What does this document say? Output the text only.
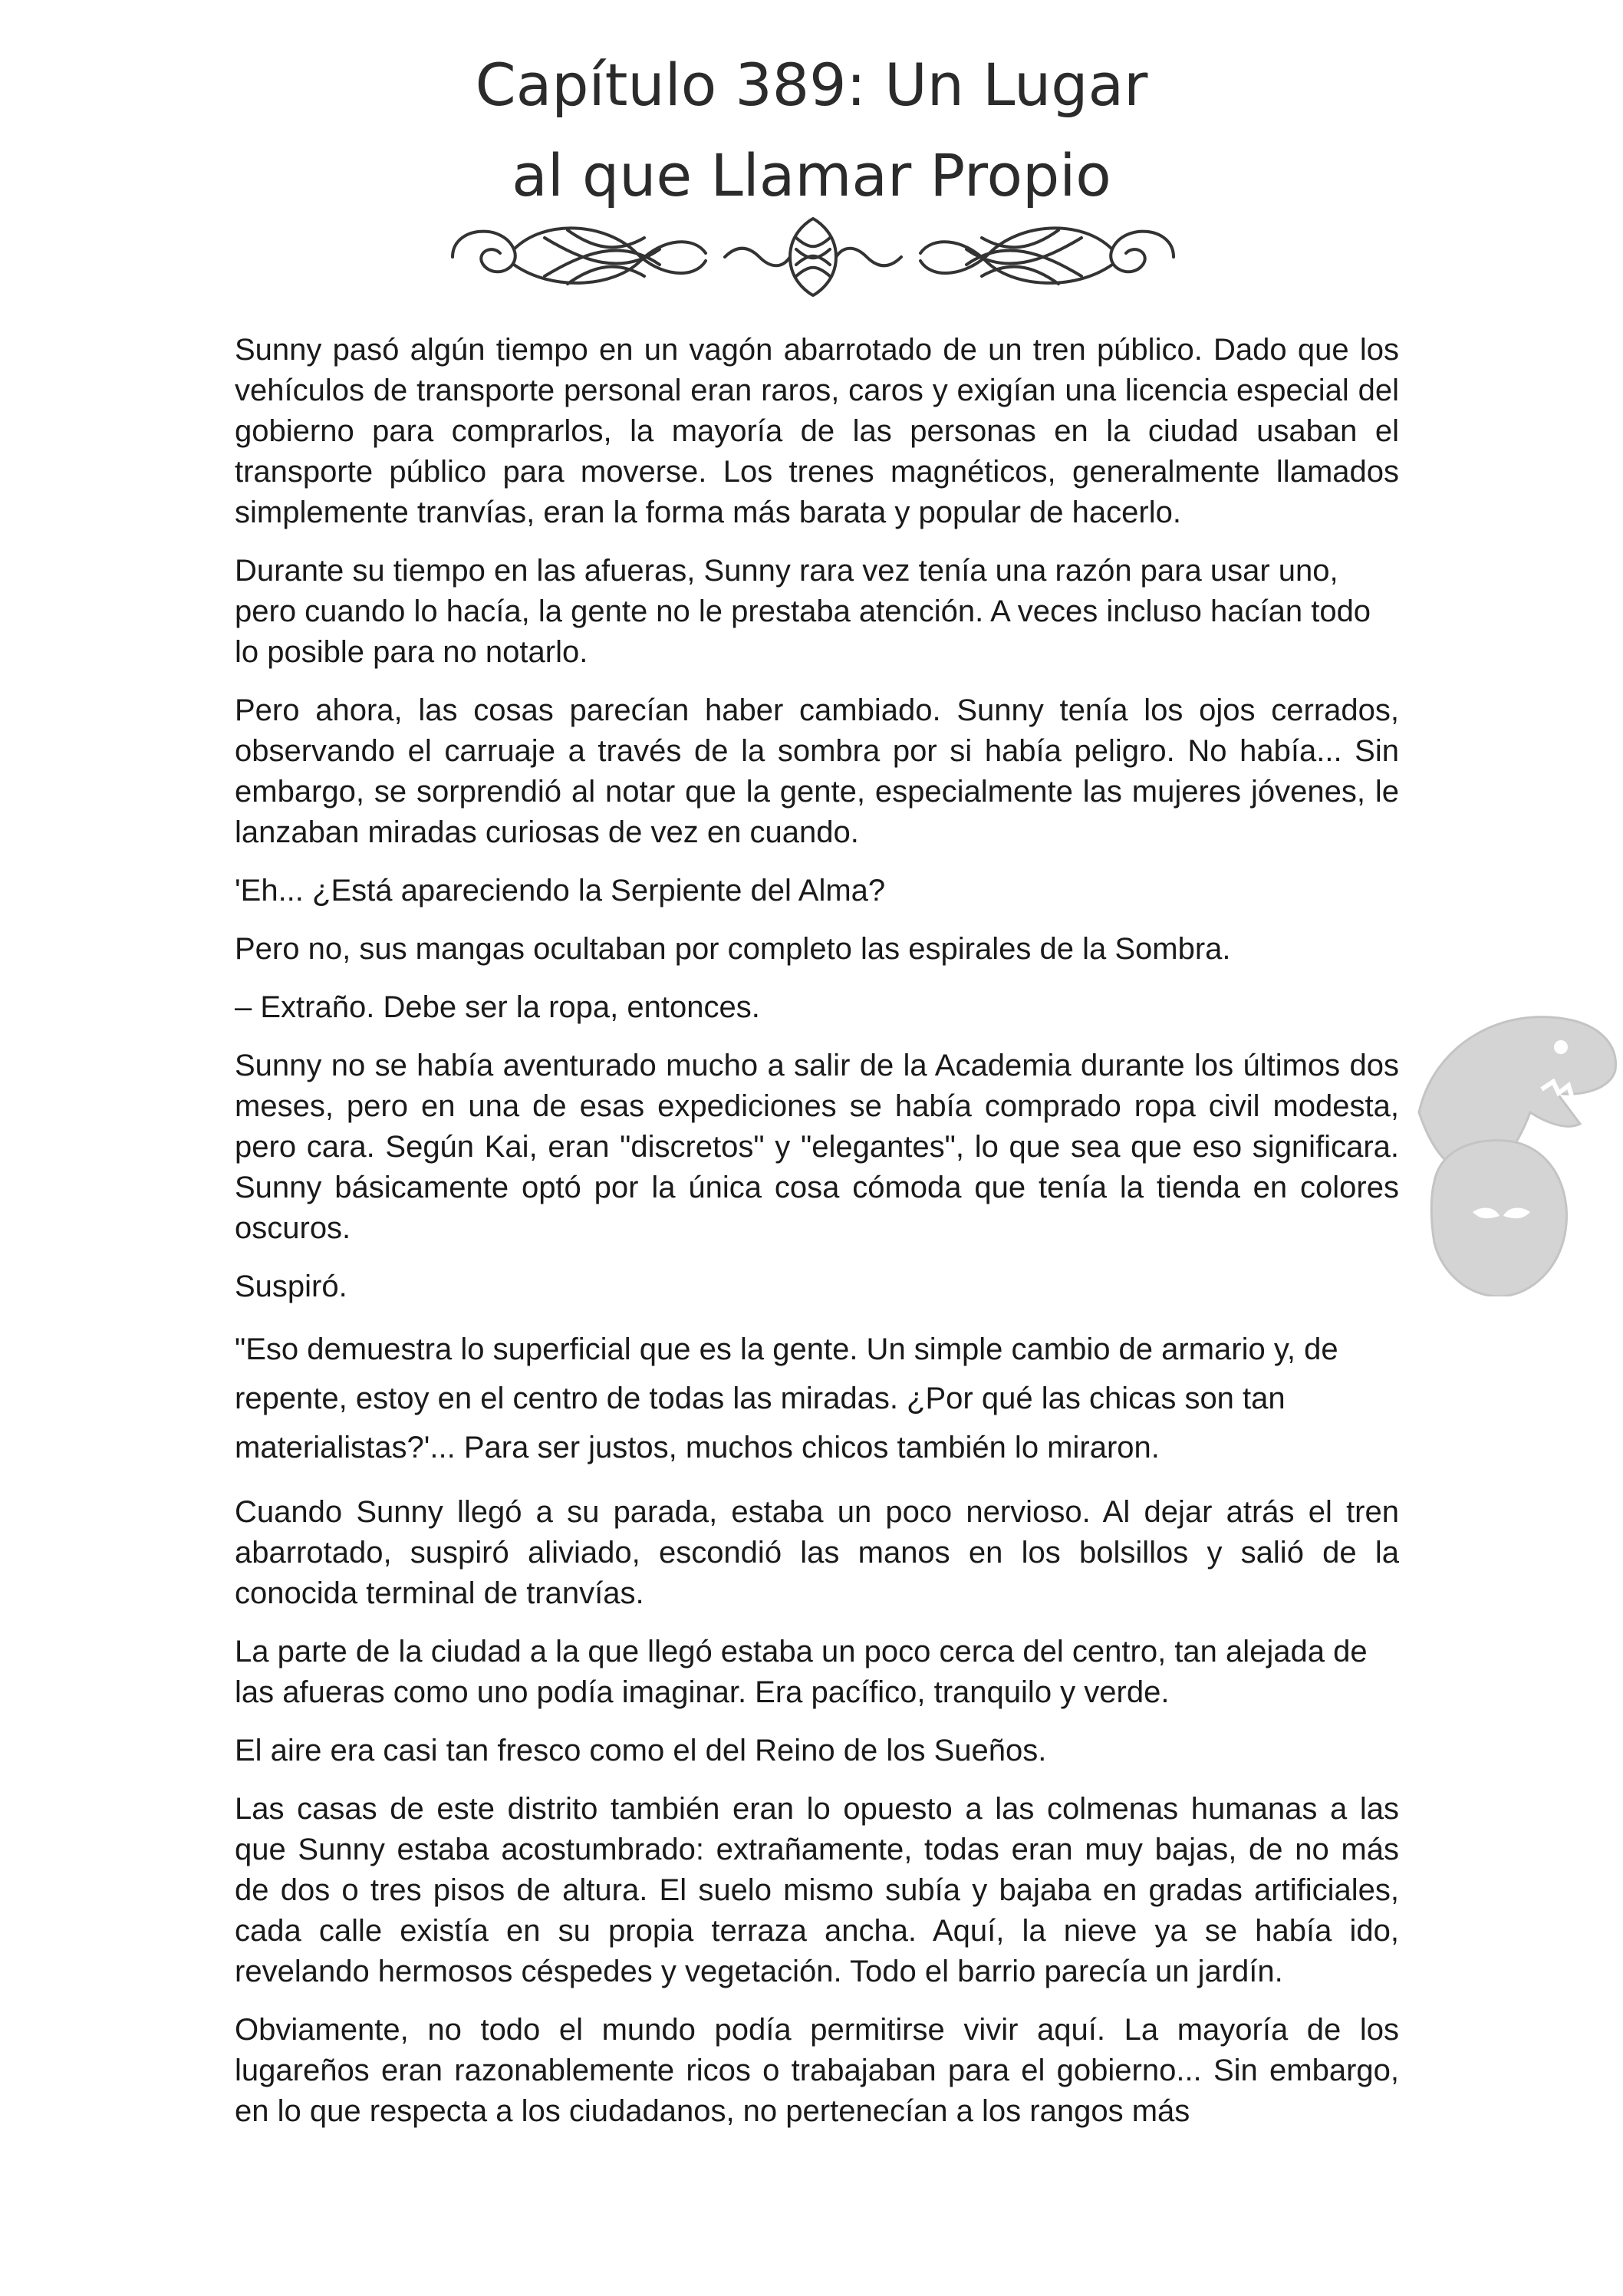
Capítulo 389: Un Lugar
al que Llamar Propio

Sunny pasó algún tiempo en un vagón abarrotado de un tren público. Dado que los vehículos de transporte personal eran raros, caros y exigían una licencia especial del gobierno para comprarlos, la mayoría de las personas en la ciudad usaban el transporte público para moverse. Los trenes magnéticos, generalmente llamados simplemente tranvías, eran la forma más barata y popular de hacerlo.

Durante su tiempo en las afueras, Sunny rara vez tenía una razón para usar uno, pero cuando lo hacía, la gente no le prestaba atención. A veces incluso hacían todo lo posible para no notarlo.

Pero ahora, las cosas parecían haber cambiado. Sunny tenía los ojos cerrados, observando el carruaje a través de la sombra por si había peligro. No había... Sin embargo, se sorprendió al notar que la gente, especialmente las mujeres jóvenes, le lanzaban miradas curiosas de vez en cuando.

'Eh... ¿Está apareciendo la Serpiente del Alma?

Pero no, sus mangas ocultaban por completo las espirales de la Sombra.

– Extraño. Debe ser la ropa, entonces.

Sunny no se había aventurado mucho a salir de la Academia durante los últimos dos meses, pero en una de esas expediciones se había comprado ropa civil modesta, pero cara. Según Kai, eran "discretos" y "elegantes", lo que sea que eso significara. Sunny básicamente optó por la única cosa cómoda que tenía la tienda en colores oscuros.

Suspiró.

"Eso demuestra lo superficial que es la gente. Un simple cambio de armario y, de repente, estoy en el centro de todas las miradas. ¿Por qué las chicas son tan materialistas?'... Para ser justos, muchos chicos también lo miraron.

Cuando Sunny llegó a su parada, estaba un poco nervioso. Al dejar atrás el tren abarrotado, suspiró aliviado, escondió las manos en los bolsillos y salió de la conocida terminal de tranvías.

La parte de la ciudad a la que llegó estaba un poco cerca del centro, tan alejada de las afueras como uno podía imaginar. Era pacífico, tranquilo y verde.

El aire era casi tan fresco como el del Reino de los Sueños.

Las casas de este distrito también eran lo opuesto a las colmenas humanas a las que Sunny estaba acostumbrado: extrañamente, todas eran muy bajas, de no más de dos o tres pisos de altura. El suelo mismo subía y bajaba en gradas artificiales, cada calle existía en su propia terraza ancha. Aquí, la nieve ya se había ido, revelando hermosos céspedes y vegetación. Todo el barrio parecía un jardín.

Obviamente, no todo el mundo podía permitirse vivir aquí. La mayoría de los lugareños eran razonablemente ricos o trabajaban para el gobierno... Sin embargo, en lo que respecta a los ciudadanos, no pertenecían a los rangos más
